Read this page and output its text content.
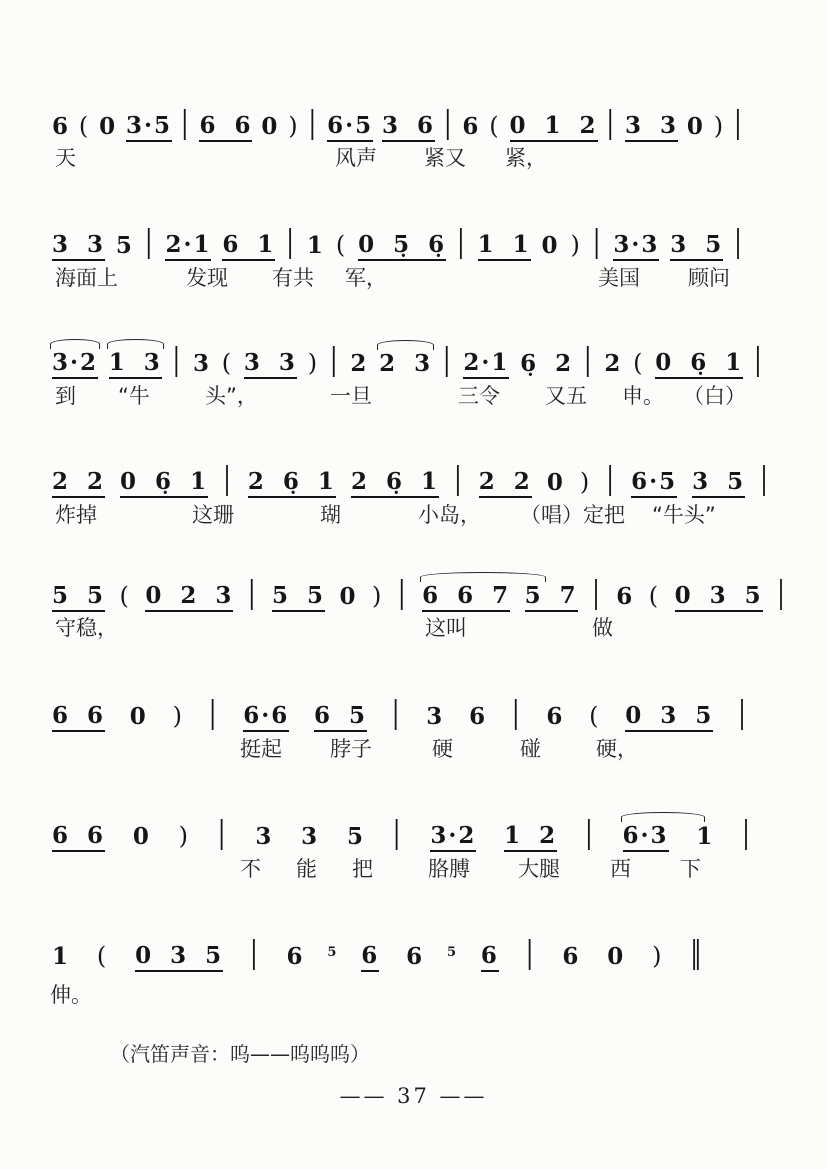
6 ( 0 3·5 | 6 6 0 ) | 6·5 3 6 | 6 ( 0 1 2 | 3 3 0 ) |
天	风声 紧又 紧，
3 3 5 | 2·1 6 1 | 1 ( 0 5̣ 6̣ | 1 1 0 ) | 3·3 3 5 |
海面上	发现 有共 军，	美国 顾问
3·2 1 3 | 3 ( 3 3 ) | 2 2 3 | 2·1 6̣ 2 | 2 ( 0 6̣ 1 |
到 “牛	头”，	一旦	三令 又五 申。 （白）
2 2 0 6̣ 1 | 2 6̣ 1 2 6̣ 1 | 2 2 0 ) | 6·5 3 5 |
炸掉	这珊	瑚	小岛， （唱）定把 “牛头”
5 5 ( 0 2 3 | 5 5 0 ) | 6 6 7 5 7 | 6 ( 0 3 5 |
守稳，	这叫	做
6 6 0 ) | 6·6 6 5 | 3 6 | 6 ( 0 3 5 |
挺起 脖子	硬	碰	硬，
6 6 0 ) | 3 3 5 | 3·2 1 2 | 6·3 1 |
不 能 把	胳膊 大腿 西 下
1 ( 0 3 5 | 6 5 6 6 5 6 | 6 0 ) ‖
伸。
（汽笛声音：呜——呜呜呜）
—— 37 ——
